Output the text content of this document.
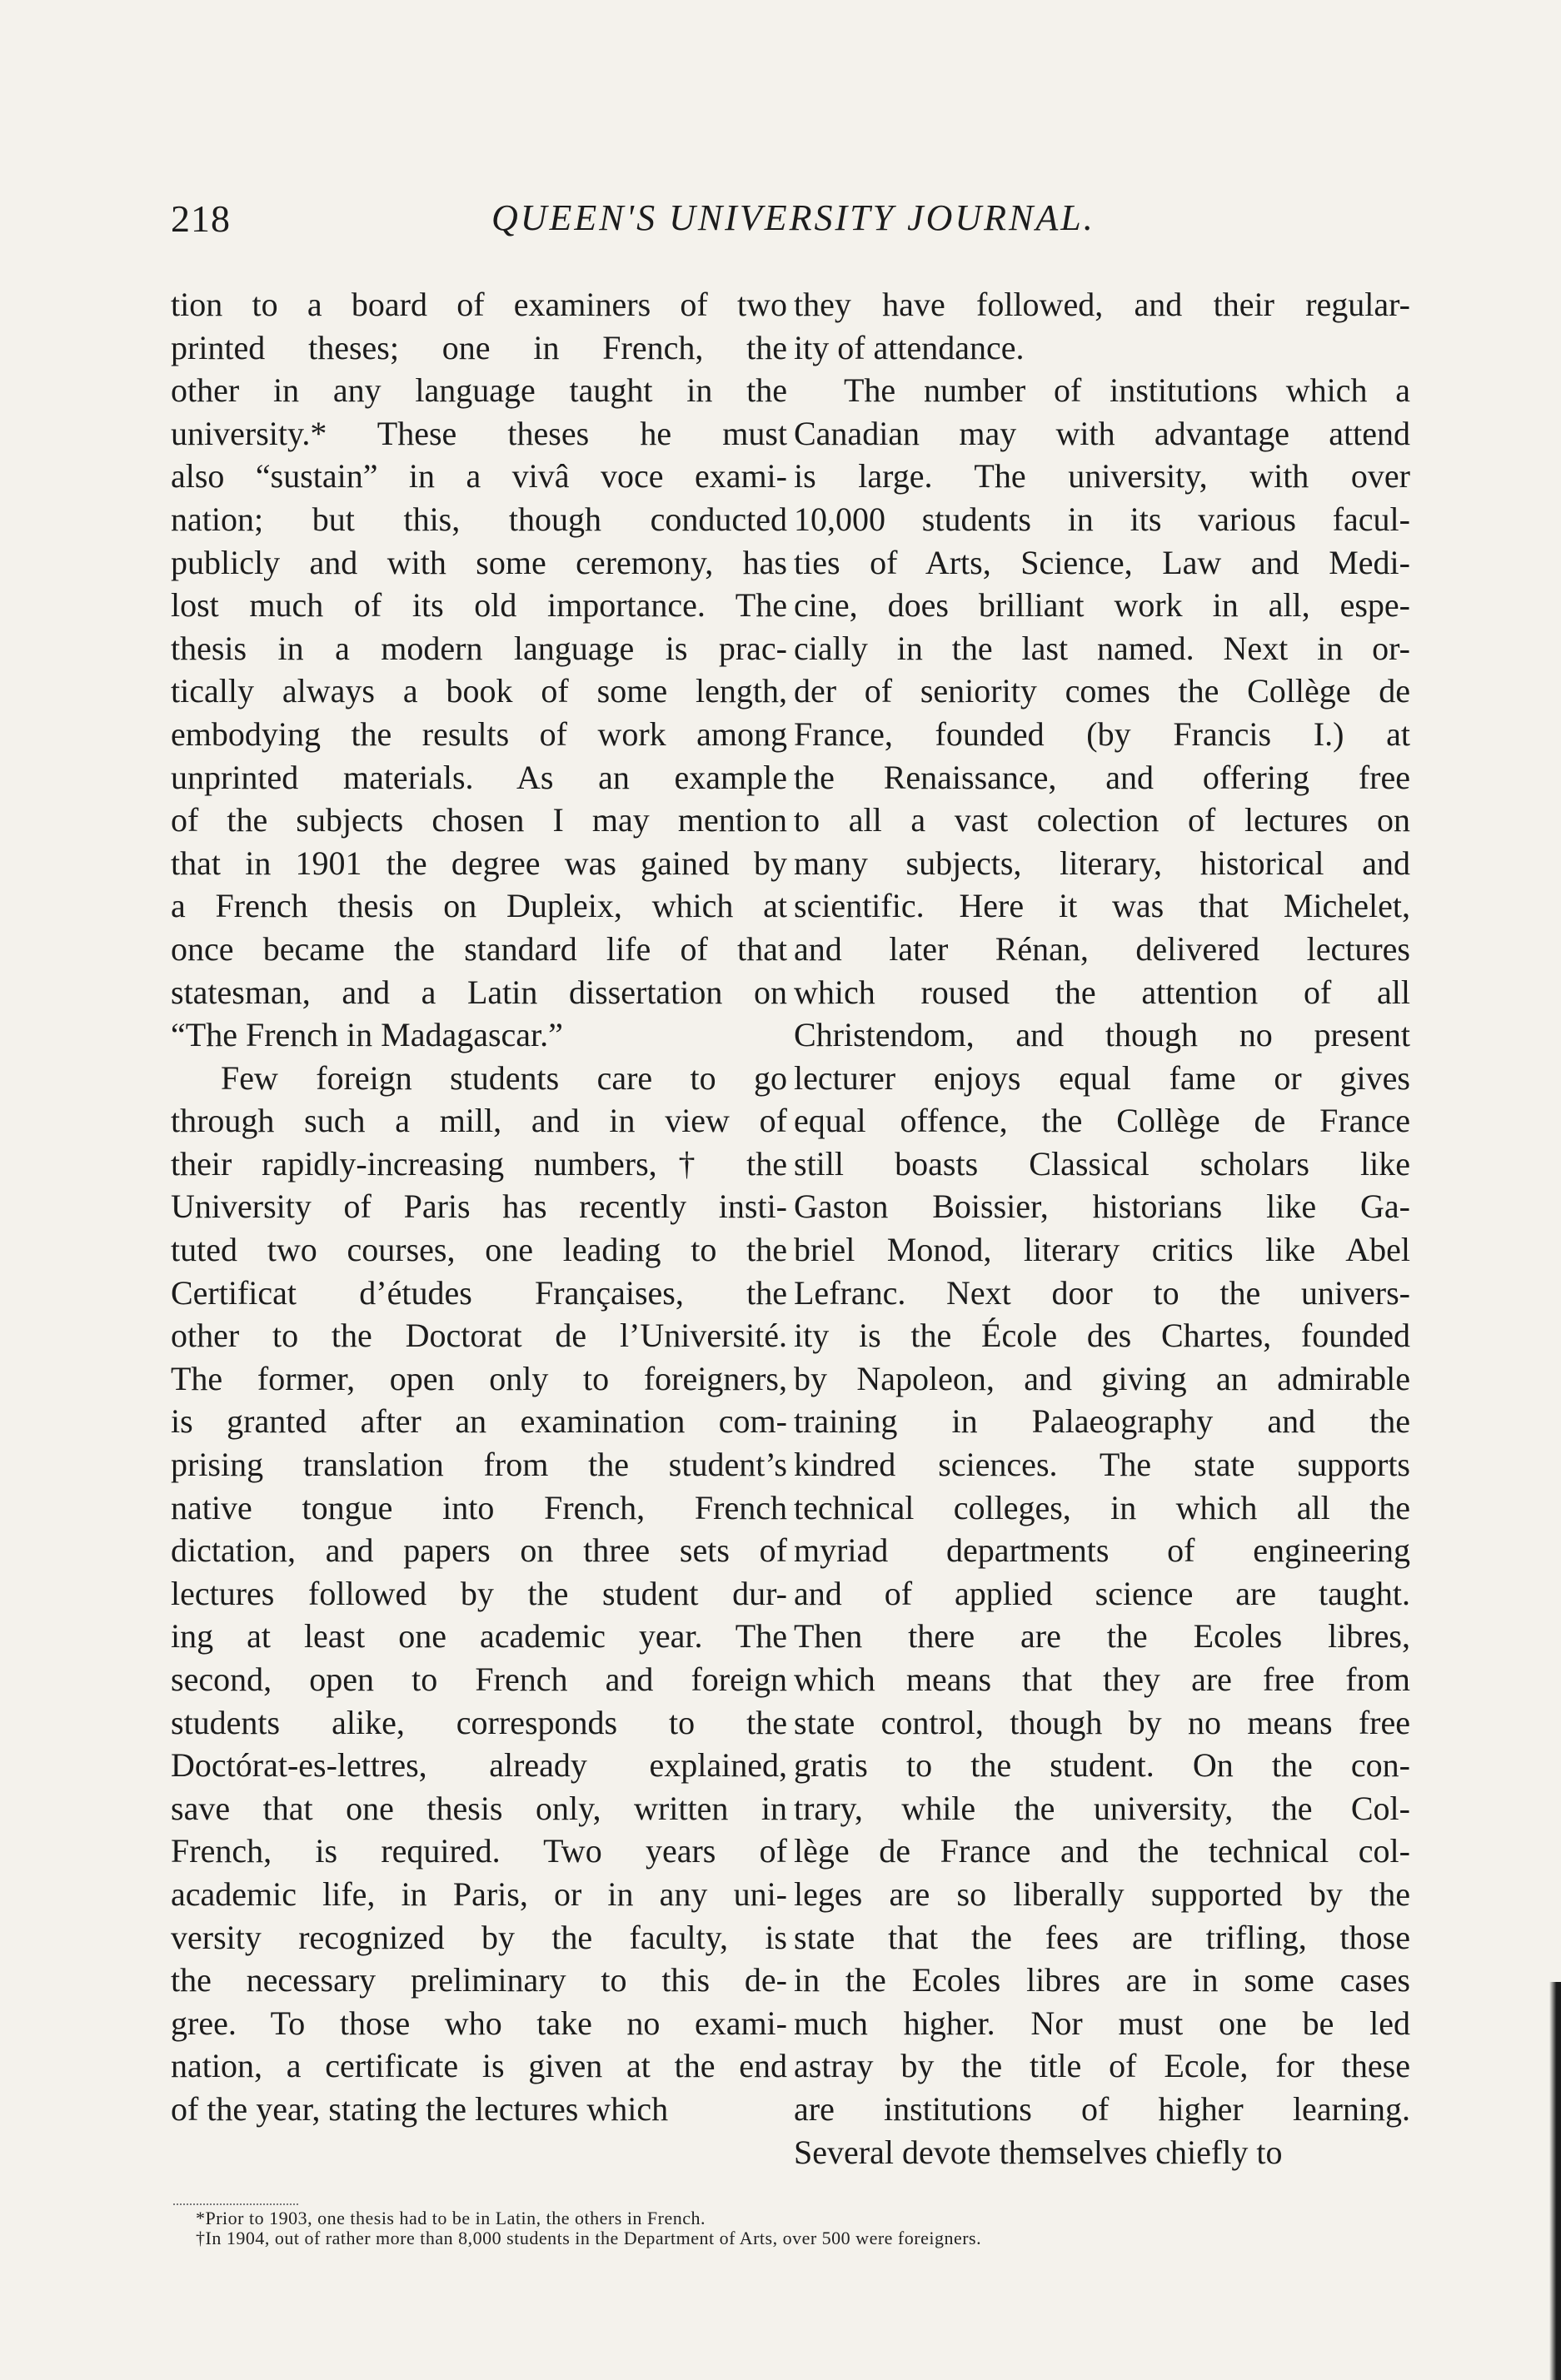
218	QUEEN'S UNIVERSITY JOURNAL.
tion to a board of examiners of two
printed theses; one in French, the
other in any language taught in the
university.* These theses he must
also “sustain” in a vivâ voce exami-
nation; but this, though conducted
publicly and with some ceremony, has
lost much of its old importance. The
thesis in a modern language is prac-
tically always a book of some length,
embodying the results of work among
unprinted materials. As an example
of the subjects chosen I may mention
that in 1901 the degree was gained by
a French thesis on Dupleix, which at
once became the standard life of that
statesman, and a Latin dissertation on
“The French in Madagascar.”
Few foreign students care to go
through such a mill, and in view of
their rapidly-increasing numbers,† the
University of Paris has recently insti-
tuted two courses, one leading to the
Certificat d’études Françaises, the
other to the Doctorat de l’Université.
The former, open only to foreigners,
is granted after an examination com-
prising translation from the student’s
native tongue into French, French
dictation, and papers on three sets of
lectures followed by the student dur-
ing at least one academic year. The
second, open to French and foreign
students alike, corresponds to the
Doctórat-es-lettres, already explained,
save that one thesis only, written in
French, is required. Two years of
academic life, in Paris, or in any uni-
versity recognized by the faculty, is
the necessary preliminary to this de-
gree. To those who take no exami-
nation, a certificate is given at the end
of the year, stating the lectures which
they have followed, and their regular-
ity of attendance.
The number of institutions which a
Canadian may with advantage attend
is large. The university, with over
10,000 students in its various facul-
ties of Arts, Science, Law and Medi-
cine, does brilliant work in all, espe-
cially in the last named. Next in or-
der of seniority comes the Collège de
France, founded (by Francis I.) at
the Renaissance, and offering free
to all a vast colection of lectures on
many subjects, literary, historical and
scientific. Here it was that Michelet,
and later Rénan, delivered lectures
which roused the attention of all
Christendom, and though no present
lecturer enjoys equal fame or gives
equal offence, the Collège de France
still boasts Classical scholars like
Gaston Boissier, historians like Ga-
briel Monod, literary critics like Abel
Lefranc. Next door to the univers-
ity is the École des Chartes, founded
by Napoleon, and giving an admirable
training in Palaeography and the
kindred sciences. The state supports
technical colleges, in which all the
myriad departments of engineering
and of applied science are taught.
Then there are the Ecoles libres,
which means that they are free from
state control, though by no means free
gratis to the student. On the con-
trary, while the university, the Col-
lège de France and the technical col-
leges are so liberally supported by the
state that the fees are trifling, those
in the Ecoles libres are in some cases
much higher. Nor must one be led
astray by the title of Ecole, for these
are institutions of higher learning.
Several devote themselves chiefly to
*Prior to 1903, one thesis had to be in Latin, the others in French.
†In 1904, out of rather more than 8,000 students in the Department of Arts, over 500 were foreigners.
